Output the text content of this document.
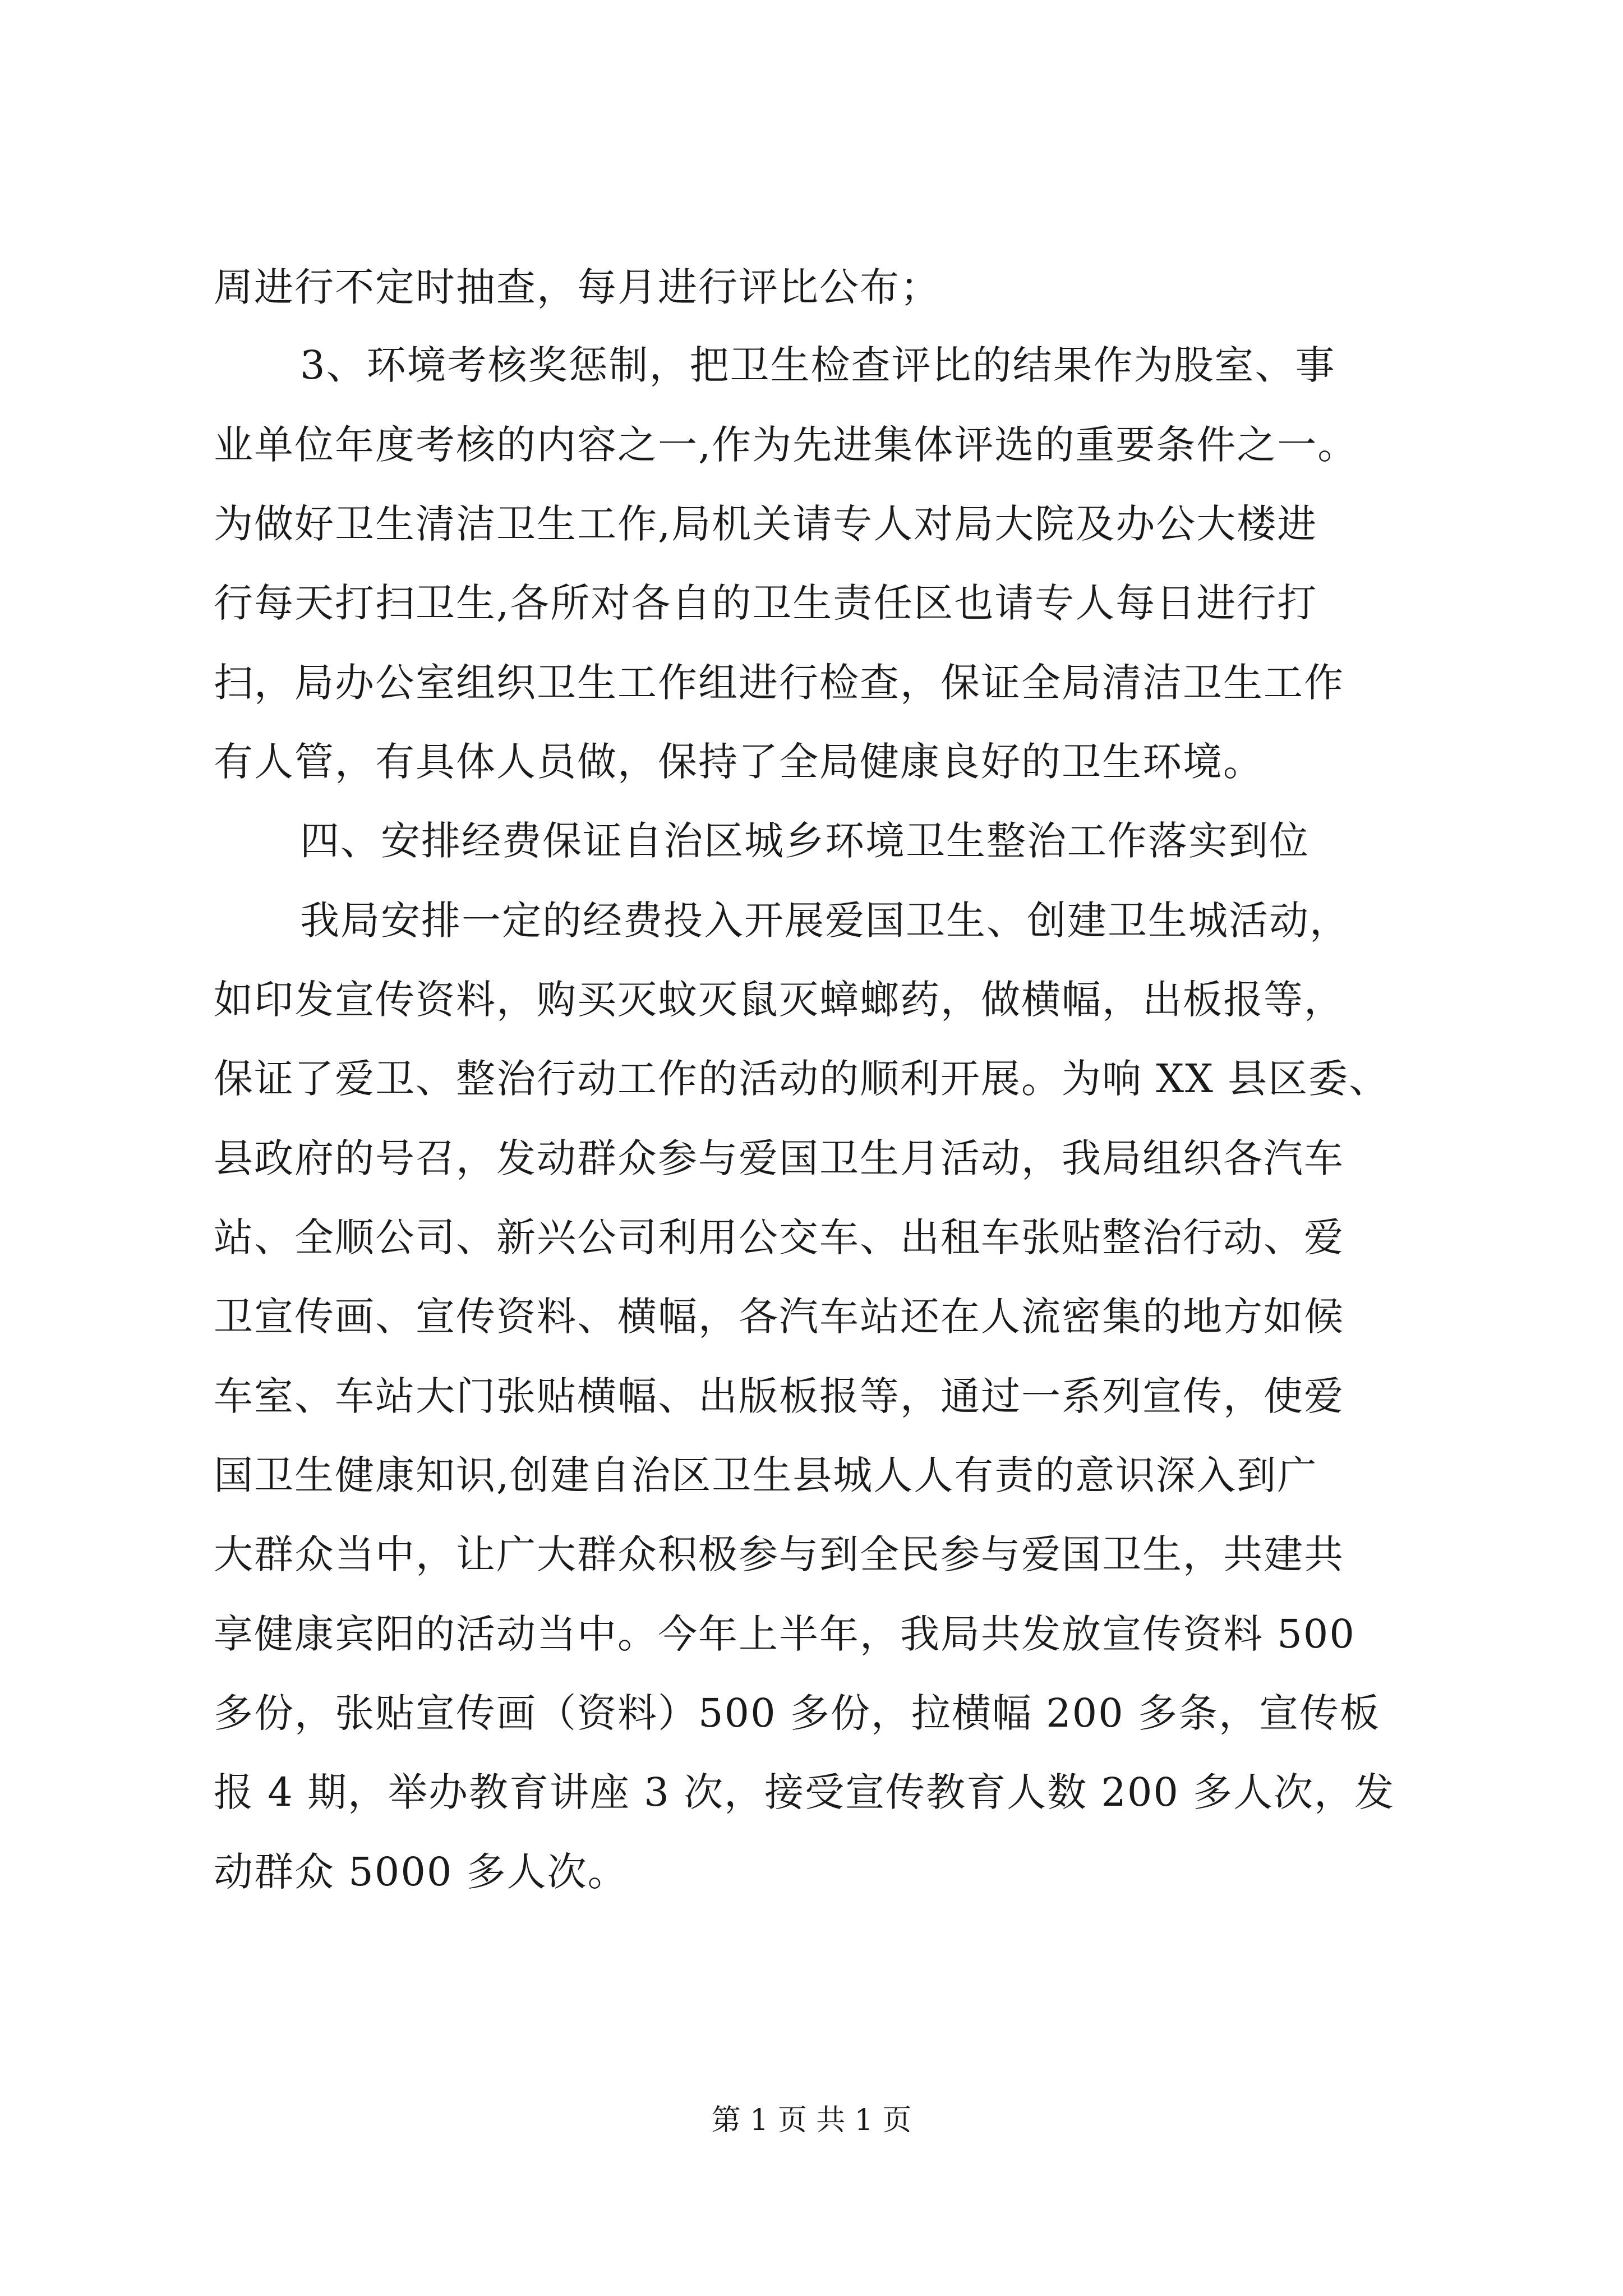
周进行不定时抽查，每月进行评比公布；
3、环境考核奖惩制，把卫生检查评比的结果作为股室、事
业单位年度考核的内容之一,作为先进集体评选的重要条件之一。
为做好卫生清洁卫生工作,局机关请专人对局大院及办公大楼进
行每天打扫卫生,各所对各自的卫生责任区也请专人每日进行打
扫，局办公室组织卫生工作组进行检查，保证全局清洁卫生工作
有人管，有具体人员做，保持了全局健康良好的卫生环境。
四、安排经费保证自治区城乡环境卫生整治工作落实到位
我局安排一定的经费投入开展爱国卫生、创建卫生城活动，
如印发宣传资料，购买灭蚊灭鼠灭蟑螂药，做横幅，出板报等，
保证了爱卫、整治行动工作的活动的顺利开展。为响 XX 县区委、
县政府的号召，发动群众参与爱国卫生月活动，我局组织各汽车
站、全顺公司、新兴公司利用公交车、出租车张贴整治行动、爱
卫宣传画、宣传资料、横幅，各汽车站还在人流密集的地方如候
车室、车站大门张贴横幅、出版板报等，通过一系列宣传，使爱
国卫生健康知识,创建自治区卫生县城人人有责的意识深入到广
大群众当中，让广大群众积极参与到全民参与爱国卫生，共建共
享健康宾阳的活动当中。今年上半年，我局共发放宣传资料 500
多份，张贴宣传画（资料）500 多份，拉横幅 200 多条，宣传板
报 4 期，举办教育讲座 3 次，接受宣传教育人数 200 多人次，发
动群众 5000 多人次。
第 1 页 共 1 页
